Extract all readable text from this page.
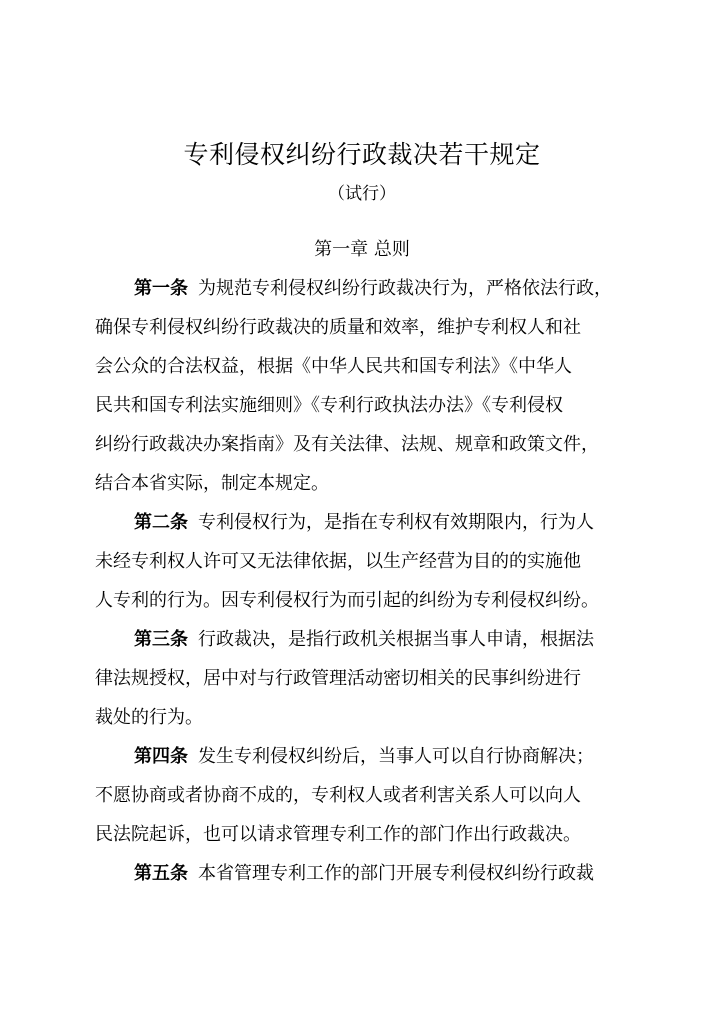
专利侵权纠纷行政裁决若干规定
（试行）
第一章 总则
第一条 为规范专利侵权纠纷行政裁决行为，严格依法行政，
确保专利侵权纠纷行政裁决的质量和效率，维护专利权人和社
会公众的合法权益，根据《中华人民共和国专利法》《中华人
民共和国专利法实施细则》《专利行政执法办法》《专利侵权
纠纷行政裁决办案指南》及有关法律、法规、规章和政策文件，
结合本省实际，制定本规定。
第二条 专利侵权行为，是指在专利权有效期限内，行为人
未经专利权人许可又无法律依据，以生产经营为目的的实施他
人专利的行为。因专利侵权行为而引起的纠纷为专利侵权纠纷。
第三条 行政裁决，是指行政机关根据当事人申请，根据法
律法规授权，居中对与行政管理活动密切相关的民事纠纷进行
裁处的行为。
第四条 发生专利侵权纠纷后，当事人可以自行协商解决；
不愿协商或者协商不成的，专利权人或者利害关系人可以向人
民法院起诉，也可以请求管理专利工作的部门作出行政裁决。
第五条 本省管理专利工作的部门开展专利侵权纠纷行政裁
